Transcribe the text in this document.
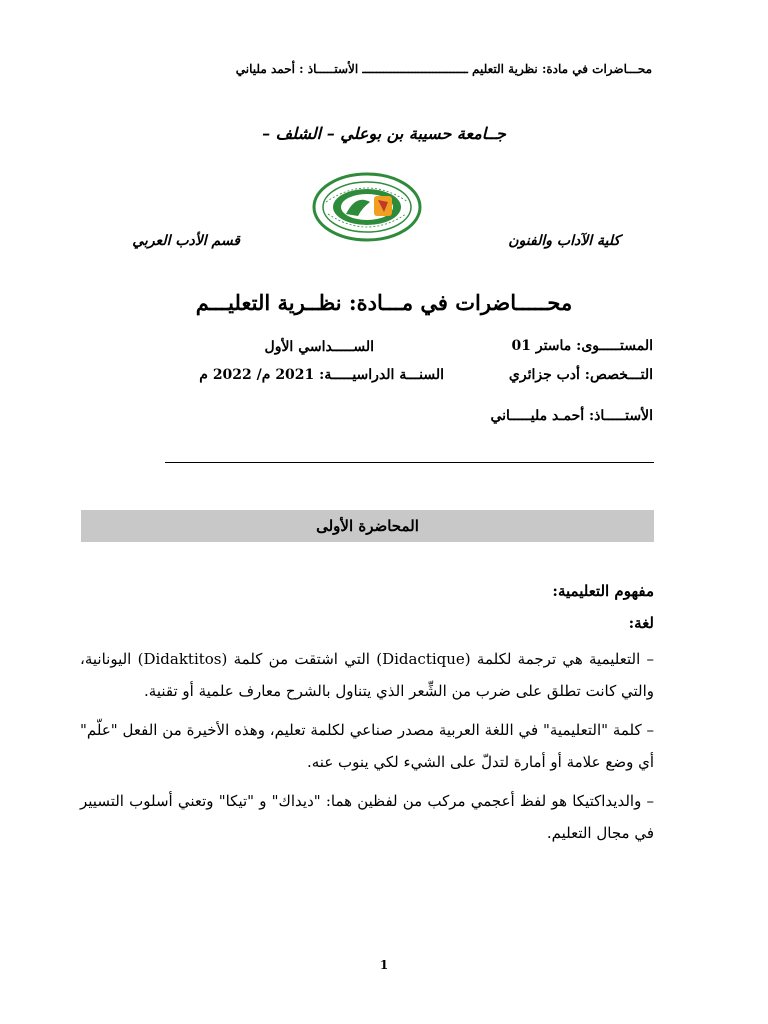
محـــاضرات في مادة: نظرية التعليم ــــــــــــــــــــــــــــــ الأستـــــاذ : أحمد ملياني
جــامعة حسيبة بن بوعلي – الشلف –
كلية الآداب والفنون
قسم الأدب العربي
محـــــاضرات في مـــادة: نظــرية التعليـــم
المستـــــوى: ماستر 01
الســـــداسي الأول
التـــخصص: أدب جزائري
السنـــة الدراسيـــــة: 2021 م/ 2022 م
الأستـــــاذ: أحمـد مليـــــاني
المحاضرة الأولى
مفهوم التعليمية:
لغة:

– التعليمية هي ترجمة لكلمة (Didactique) التي اشتقت من كلمة (Didaktitos) اليونانية، والتي كانت تطلق على ضرب من الشِّعر الذي يتناول بالشرح معارف علمية أو تقنية.

– كلمة "التعليمية" في اللغة العربية مصدر صناعي لكلمة تعليم، وهذه الأخيرة من الفعل "علّم" أي وضع علامة أو أمارة لتدلّ على الشيء لكي ينوب عنه.

– والديداكتيكا هو لفظ أعجمي مركب من لفظين هما: "ديداك" و "تيكا" وتعني أسلوب التسيير في مجال التعليم.

1
